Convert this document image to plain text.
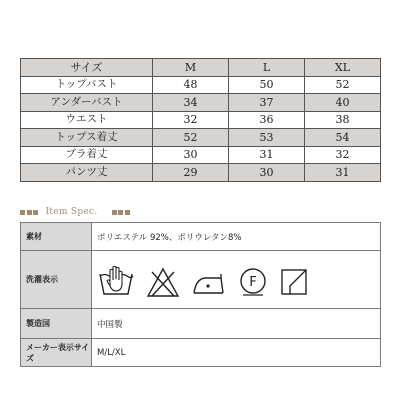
サイズ	M	L	XL
トップバスト	48	50	52
アンダーバスト	34	37	40
ウエスト	32	36	38
トップス着丈	52	53	54
ブラ着丈	30	31	32
パンツ丈	29	30	31
Item Spec.
素材	ポリエステル 92%、ポリウレタン8%
洗濯表示	F

製造国	中国製
メーカー表示サイズ	M/L/XL
